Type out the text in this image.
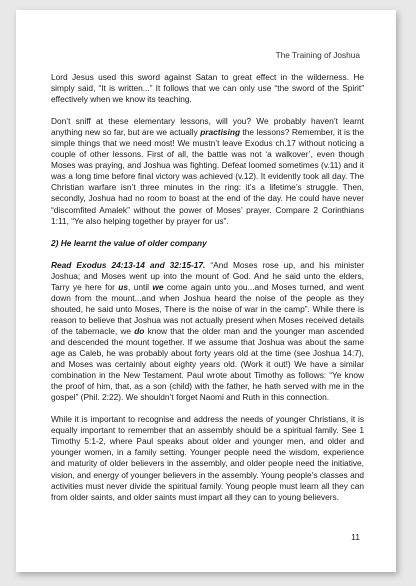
The Training of Joshua

Lord Jesus used this sword against Satan to great effect in the wilderness. He simply said, “It is written...” It follows that we can only use “the sword of the Spirit” effectively when we know its teaching.

Don’t sniff at these elementary lessons, will you? We probably haven’t learnt anything new so far, but are we actually practising the lessons? Remember, it is the simple things that we need most! We mustn’t leave Exodus ch.17 without noticing a couple of other lessons. First of all, the battle was not ‘a walkover’, even though Moses was praying, and Joshua was fighting. Defeat loomed sometimes (v.11) and it was a long time before final victory was achieved (v.12). It evidently took all day. The Christian warfare isn’t three minutes in the ring: it’s a lifetime’s struggle. Then, secondly, Joshua had no room to boast at the end of the day. He could have never “discomfited Amalek” without the power of Moses’ prayer. Compare 2 Corinthians 1:11, “Ye also helping together by prayer for us”.

2) He learnt the value of older company

Read Exodus 24:13-14 and 32:15-17. “And Moses rose up, and his minister Joshua; and Moses went up into the mount of God. And he said unto the elders, Tarry ye here for us, until we come again unto you...and Moses turned, and went down from the mount...and when Joshua heard the noise of the people as they shouted, he said unto Moses, There is the noise of war in the camp”. While there is reason to believe that Joshua was not actually present when Moses received details of the tabernacle, we do know that the older man and the younger man ascended and descended the mount together. If we assume that Joshua was about the same age as Caleb, he was probably about forty years old at the time (see Joshua 14:7), and Moses was certainly about eighty years old. (Work it out!) We have a similar combination in the New Testament. Paul wrote about Timothy as follows: “Ye know the proof of him, that, as a son (child) with the father, he hath served with me in the gospel” (Phil. 2:22). We shouldn’t forget Naomi and Ruth in this connection.

While it is important to recognise and address the needs of younger Christians, it is equally important to remember that an assembly should be a spiritual family. See 1 Timothy 5:1-2, where Paul speaks about older and younger men, and older and younger women, in a family setting. Younger people need the wisdom, experience and maturity of older believers in the assembly, and older people need the initiative, vision, and energy of younger believers in the assembly. Young people’s classes and activities must never divide the spiritual family. Young people must learn all they can from older saints, and older saints must impart all they can to young believers.

11
